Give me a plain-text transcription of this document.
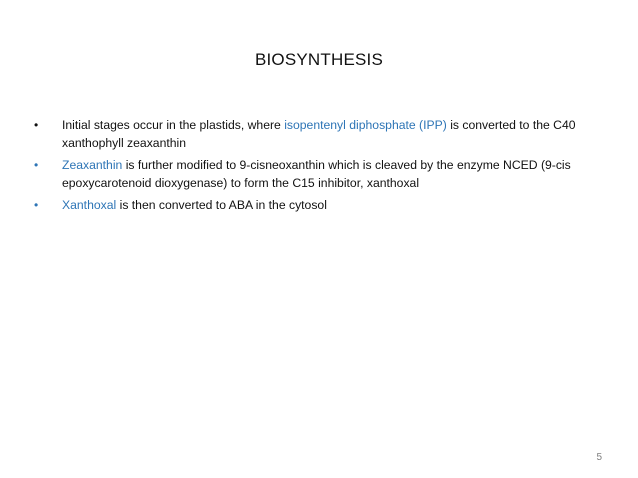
BIOSYNTHESIS
• Initial stages occur in the plastids, where isopentenyl diphosphate (IPP) is converted to the C40 xanthophyll zeaxanthin
• Zeaxanthin is further modified to 9-cisneoxanthin which is cleaved by the enzyme NCED (9-cis epoxycarotenoid dioxygenase) to form the C15 inhibitor, xanthoxal
• Xanthoxal is then converted to ABA in the cytosol
5
